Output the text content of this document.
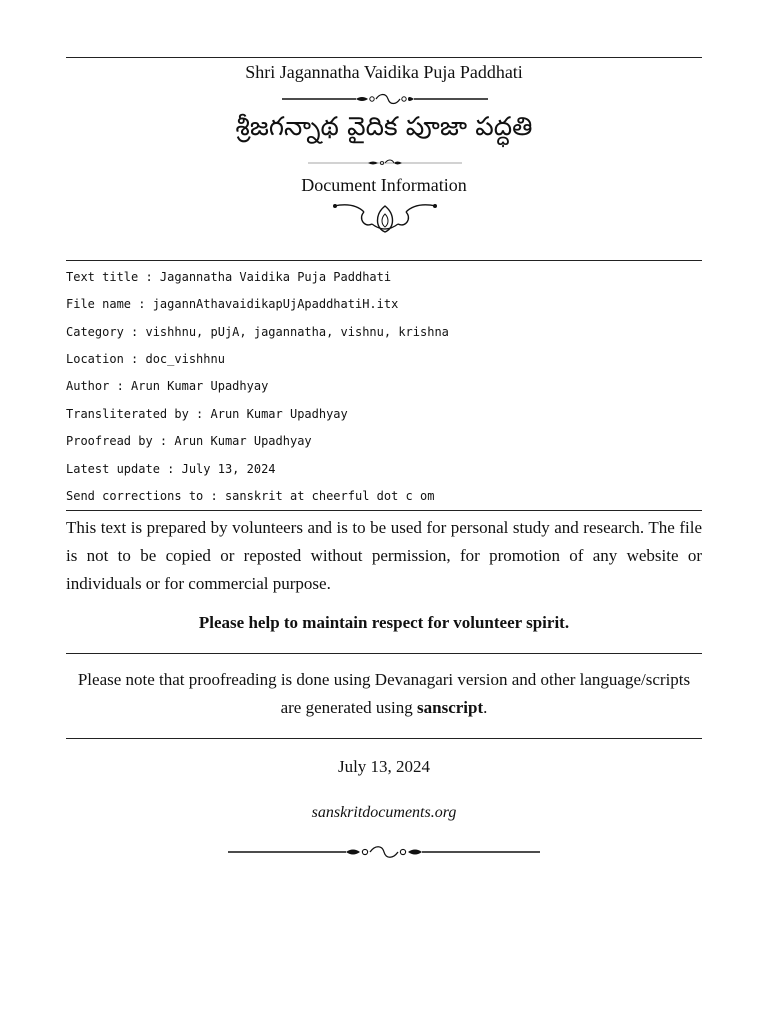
Shri Jagannatha Vaidika Puja Paddhati
శ్రీజగన్నాథ వైదిక పూజా పద్ధతి
Document Information
Text title : Jagannatha Vaidika Puja Paddhati
File name : jagannAthavaidikapUjApaddhatiH.itx
Category : vishhnu, pUjA, jagannatha, vishnu, krishna
Location : doc_vishhnu
Author : Arun Kumar Upadhyay
Transliterated by : Arun Kumar Upadhyay
Proofread by : Arun Kumar Upadhyay
Latest update : July 13, 2024
Send corrections to : sanskrit at cheerful dot c om
This text is prepared by volunteers and is to be used for personal study and research. The file is not to be copied or reposted without permission, for promotion of any website or individuals or for commercial purpose.
Please help to maintain respect for volunteer spirit.
Please note that proofreading is done using Devanagari version and other language/scripts are generated using sanscript.
July 13, 2024
sanskritdocuments.org
